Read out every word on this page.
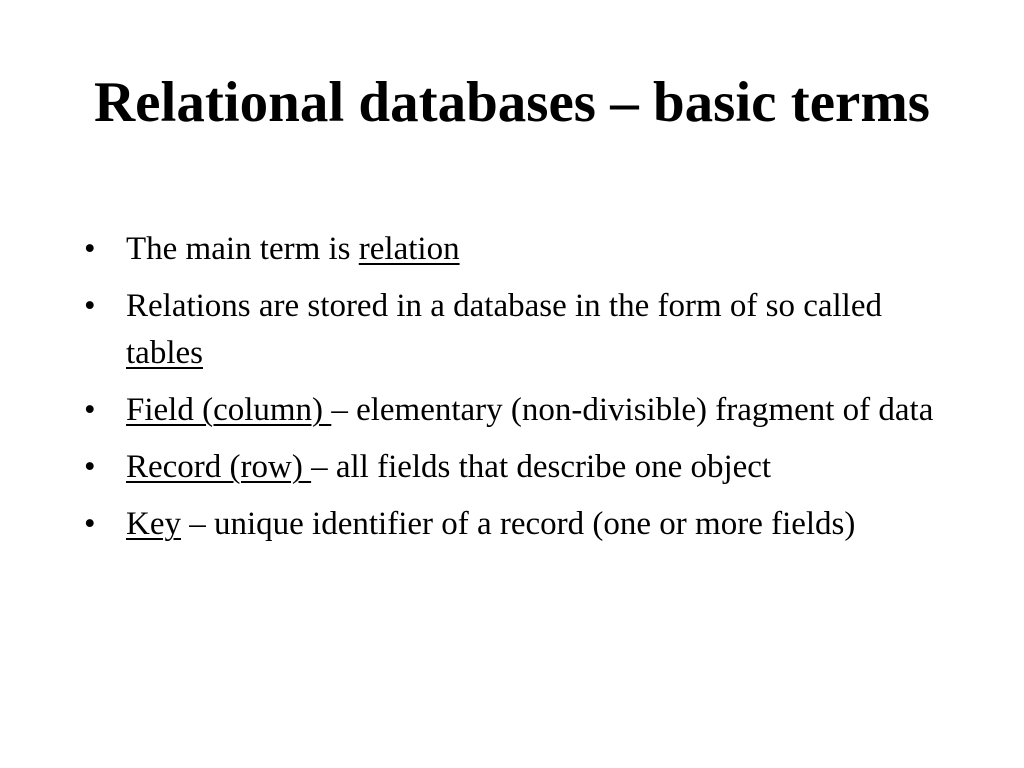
Relational databases – basic terms
• The main term is relation
• Relations are stored in a database in the form of so called tables
• Field (column) – elementary (non-divisible) fragment of data
• Record (row) – all fields that describe one object
• Key – unique identifier of a record (one or more fields)
